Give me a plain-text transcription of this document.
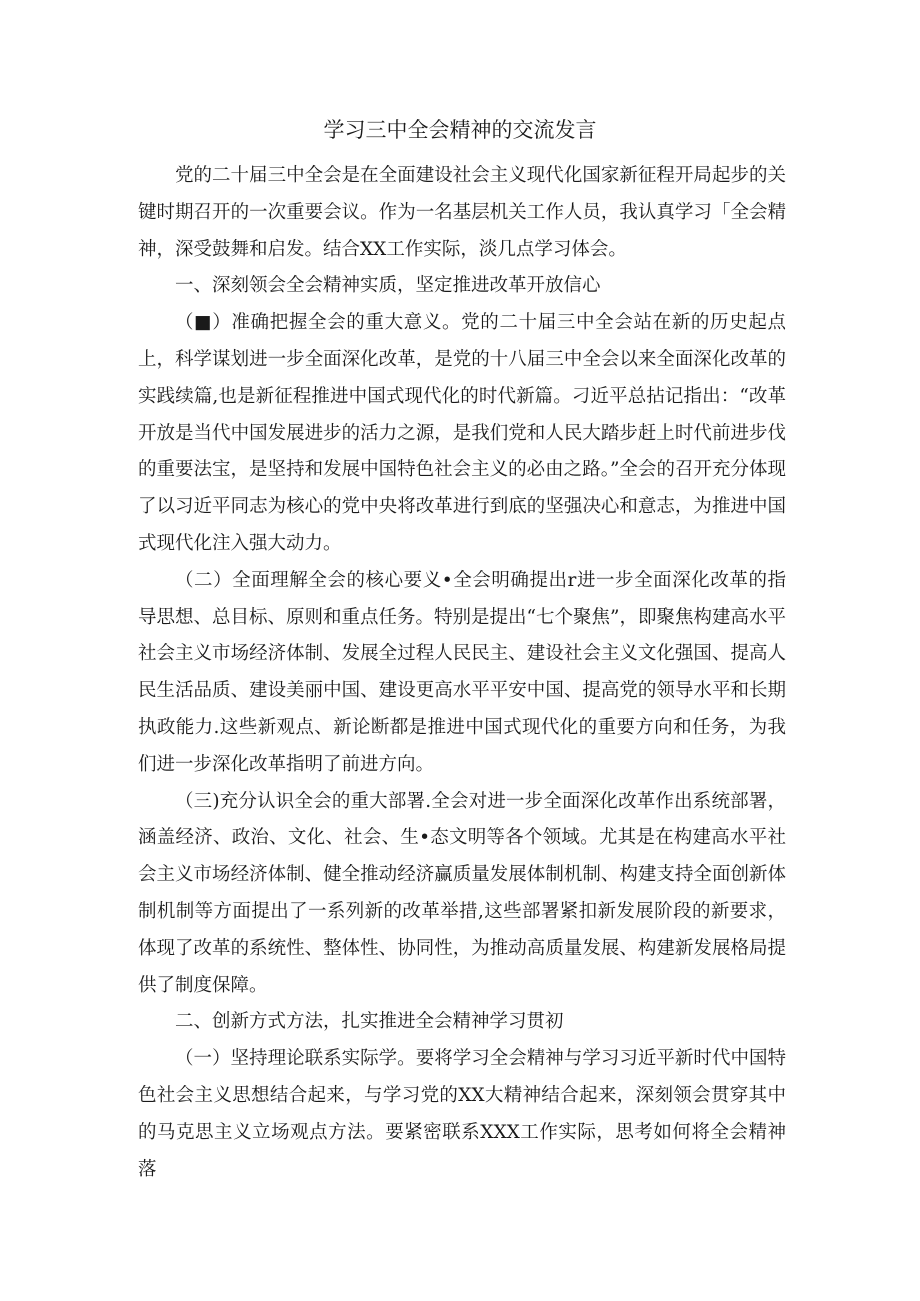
学习三中全会精神的交流发言

党的二十届三中全会是在全面建设社会主义现代化国家新征程开局起步的关键时期召开的一次重要会议。作为一名基层机关工作人员，我认真学习「全会精神，深受鼓舞和启发。结合XX工作实际，淡几点学习体会。

一、深刻领会全会精神实质，坚定推进改革开放信心

（■）准确把握全会的重大意义。党的二十届三中全会站在新的历史起点上，科学谋划进一步全面深化改革，是党的十八届三中全会以来全面深化改革的实践续篇,也是新征程推进中国式现代化的时代新篇。刁近平总拈记指出：“改革开放是当代中国发展进步的活力之源，是我们党和人民大踏步赶上时代前进步伐的重要法宝，是坚持和发展中国特色社会主义的必由之路。”全会的召开充分体现了以习近平同志为核心的党中央将改革进行到底的坚强决心和意志，为推进中国式现代化注入强大动力。

（二）全面理解全会的核心要义•全会明确提出r进一步全面深化改革的指导思想、总目标、原则和重点任务。特别是提出“七个聚焦”，即聚焦构建高水平社会主义市场经济体制、发展全过程人民民主、建设社会主义文化强国、提高人民生活品质、建设美丽中国、建设更高水平平安中国、提高党的领导水平和长期执政能力.这些新观点、新论断都是推进中国式现代化的重要方向和任务，为我们进一步深化改革指明了前进方向。

（三)充分认识全会的重大部署.全会对进一步全面深化改革作出系统部署，涵盖经济、政治、文化、社会、生•态文明等各个领域。尤其是在构建高水平社会主义市场经济体制、健全推动经济赢质量发展体制机制、构建支持全面创新体制机制等方面提出了一系列新的改革举措,这些部署紧扣新发展阶段的新要求，体现了改革的系统性、整体性、协同性，为推动高质量发展、构建新发展格局提供了制度保障。

二、创新方式方法，扎实推进全会精神学习贯初

（一）坚持理论联系实际学。要将学习全会精神与学习习近平新时代中国特色社会主义思想结合起来，与学习党的XX大精神结合起来，深刻领会贯穿其中的马克思主义立场观点方法。要紧密联系XXX工作实际，思考如何将全会精神落
